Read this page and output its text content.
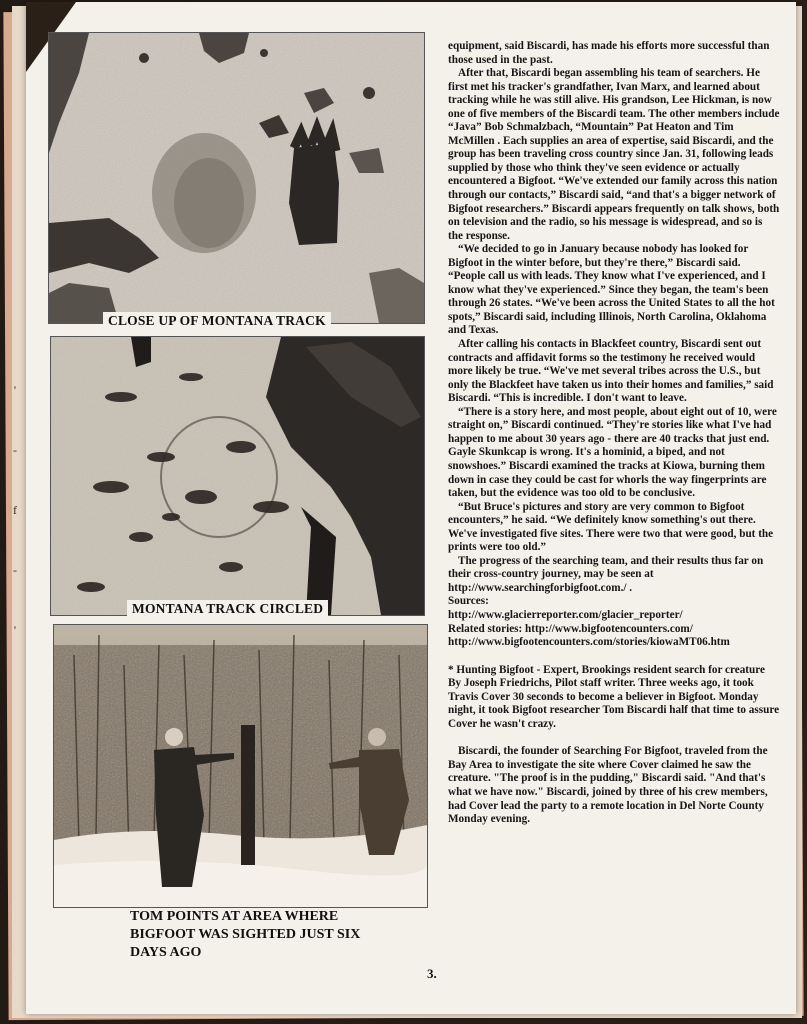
'
-
f
-
'
CLOSE UP OF MONTANA TRACK
MONTANA TRACK CIRCLED
TOM POINTS AT AREA WHERE BIGFOOT WAS SIGHTED JUST SIX DAYS AGO

equipment, said Biscardi, has made his efforts more successful than those used in the past.

After that, Biscardi began assembling his team of searchers. He first met his tracker's grandfather, Ivan Marx, and learned about tracking while he was still alive. His grandson, Lee Hickman, is now one of five members of the Biscardi team. The other members include “Java” Bob Schmalzbach, “Mountain” Pat Heaton and Tim McMillen . Each supplies an area of expertise, said Biscardi, and the group has been traveling cross country since Jan. 31, following leads supplied by those who think they've seen evidence or actually encountered a Bigfoot. “We've extended our family across this nation through our contacts,” Biscardi said, “and that's a bigger network of Bigfoot researchers.” Biscardi appears frequently on talk shows, both on television and the radio, so his message is widespread, and so is the response.

“We decided to go in January because nobody has looked for Bigfoot in the winter before, but they're there,” Biscardi said. “People call us with leads. They know what I've experienced, and I know what they've experienced.” Since they began, the team's been through 26 states. “We've been across the United States to all the hot spots,” Biscardi said, including Illinois, North Carolina, Oklahoma and Texas.

After calling his contacts in Blackfeet country, Biscardi sent out contracts and affidavit forms so the testimony he received would more likely be true. “We've met several tribes across the U.S., but only the Blackfeet have taken us into their homes and families,” said Biscardi. “This is incredible. I don't want to leave.

“There is a story here, and most people, about eight out of 10, were straight on,” Biscardi continued. “They're stories like what I've had happen to me about 30 years ago - there are 40 tracks that just end. Gayle Skunkcap is wrong. It's a hominid, a biped, and not snowshoes.” Biscardi examined the tracks at Kiowa, burning them down in case they could be cast for whorls the way fingerprints are taken, but the evidence was too old to be conclusive.

“But Bruce's pictures and story are very common to Bigfoot encounters,” he said. “We definitely know something's out there. We've investigated five sites. There were two that were good, but the prints were too old.”

The progress of the searching team, and their results thus far on their cross-country journey, may be seen at http://www.searchingforbigfoot.com./ .

Sources:

http://www.glacierreporter.com/glacier_reporter/

Related stories: http://www.bigfootencounters.com/

http://www.bigfootencounters.com/stories/kiowaMT06.htm

* Hunting Bigfoot - Expert, Brookings resident search for creature By Joseph Friedrichs, Pilot staff writer. Three weeks ago, it took Travis Cover 30 seconds to become a believer in Bigfoot. Monday night, it took Bigfoot researcher Tom Biscardi half that time to assure Cover he wasn't crazy.

Biscardi, the founder of Searching For Bigfoot, traveled from the Bay Area to investigate the site where Cover claimed he saw the creature. "The proof is in the pudding," Biscardi said. "And that's what we have now." Biscardi, joined by three of his crew members, had Cover lead the party to a remote location in Del Norte County Monday evening.

3.
